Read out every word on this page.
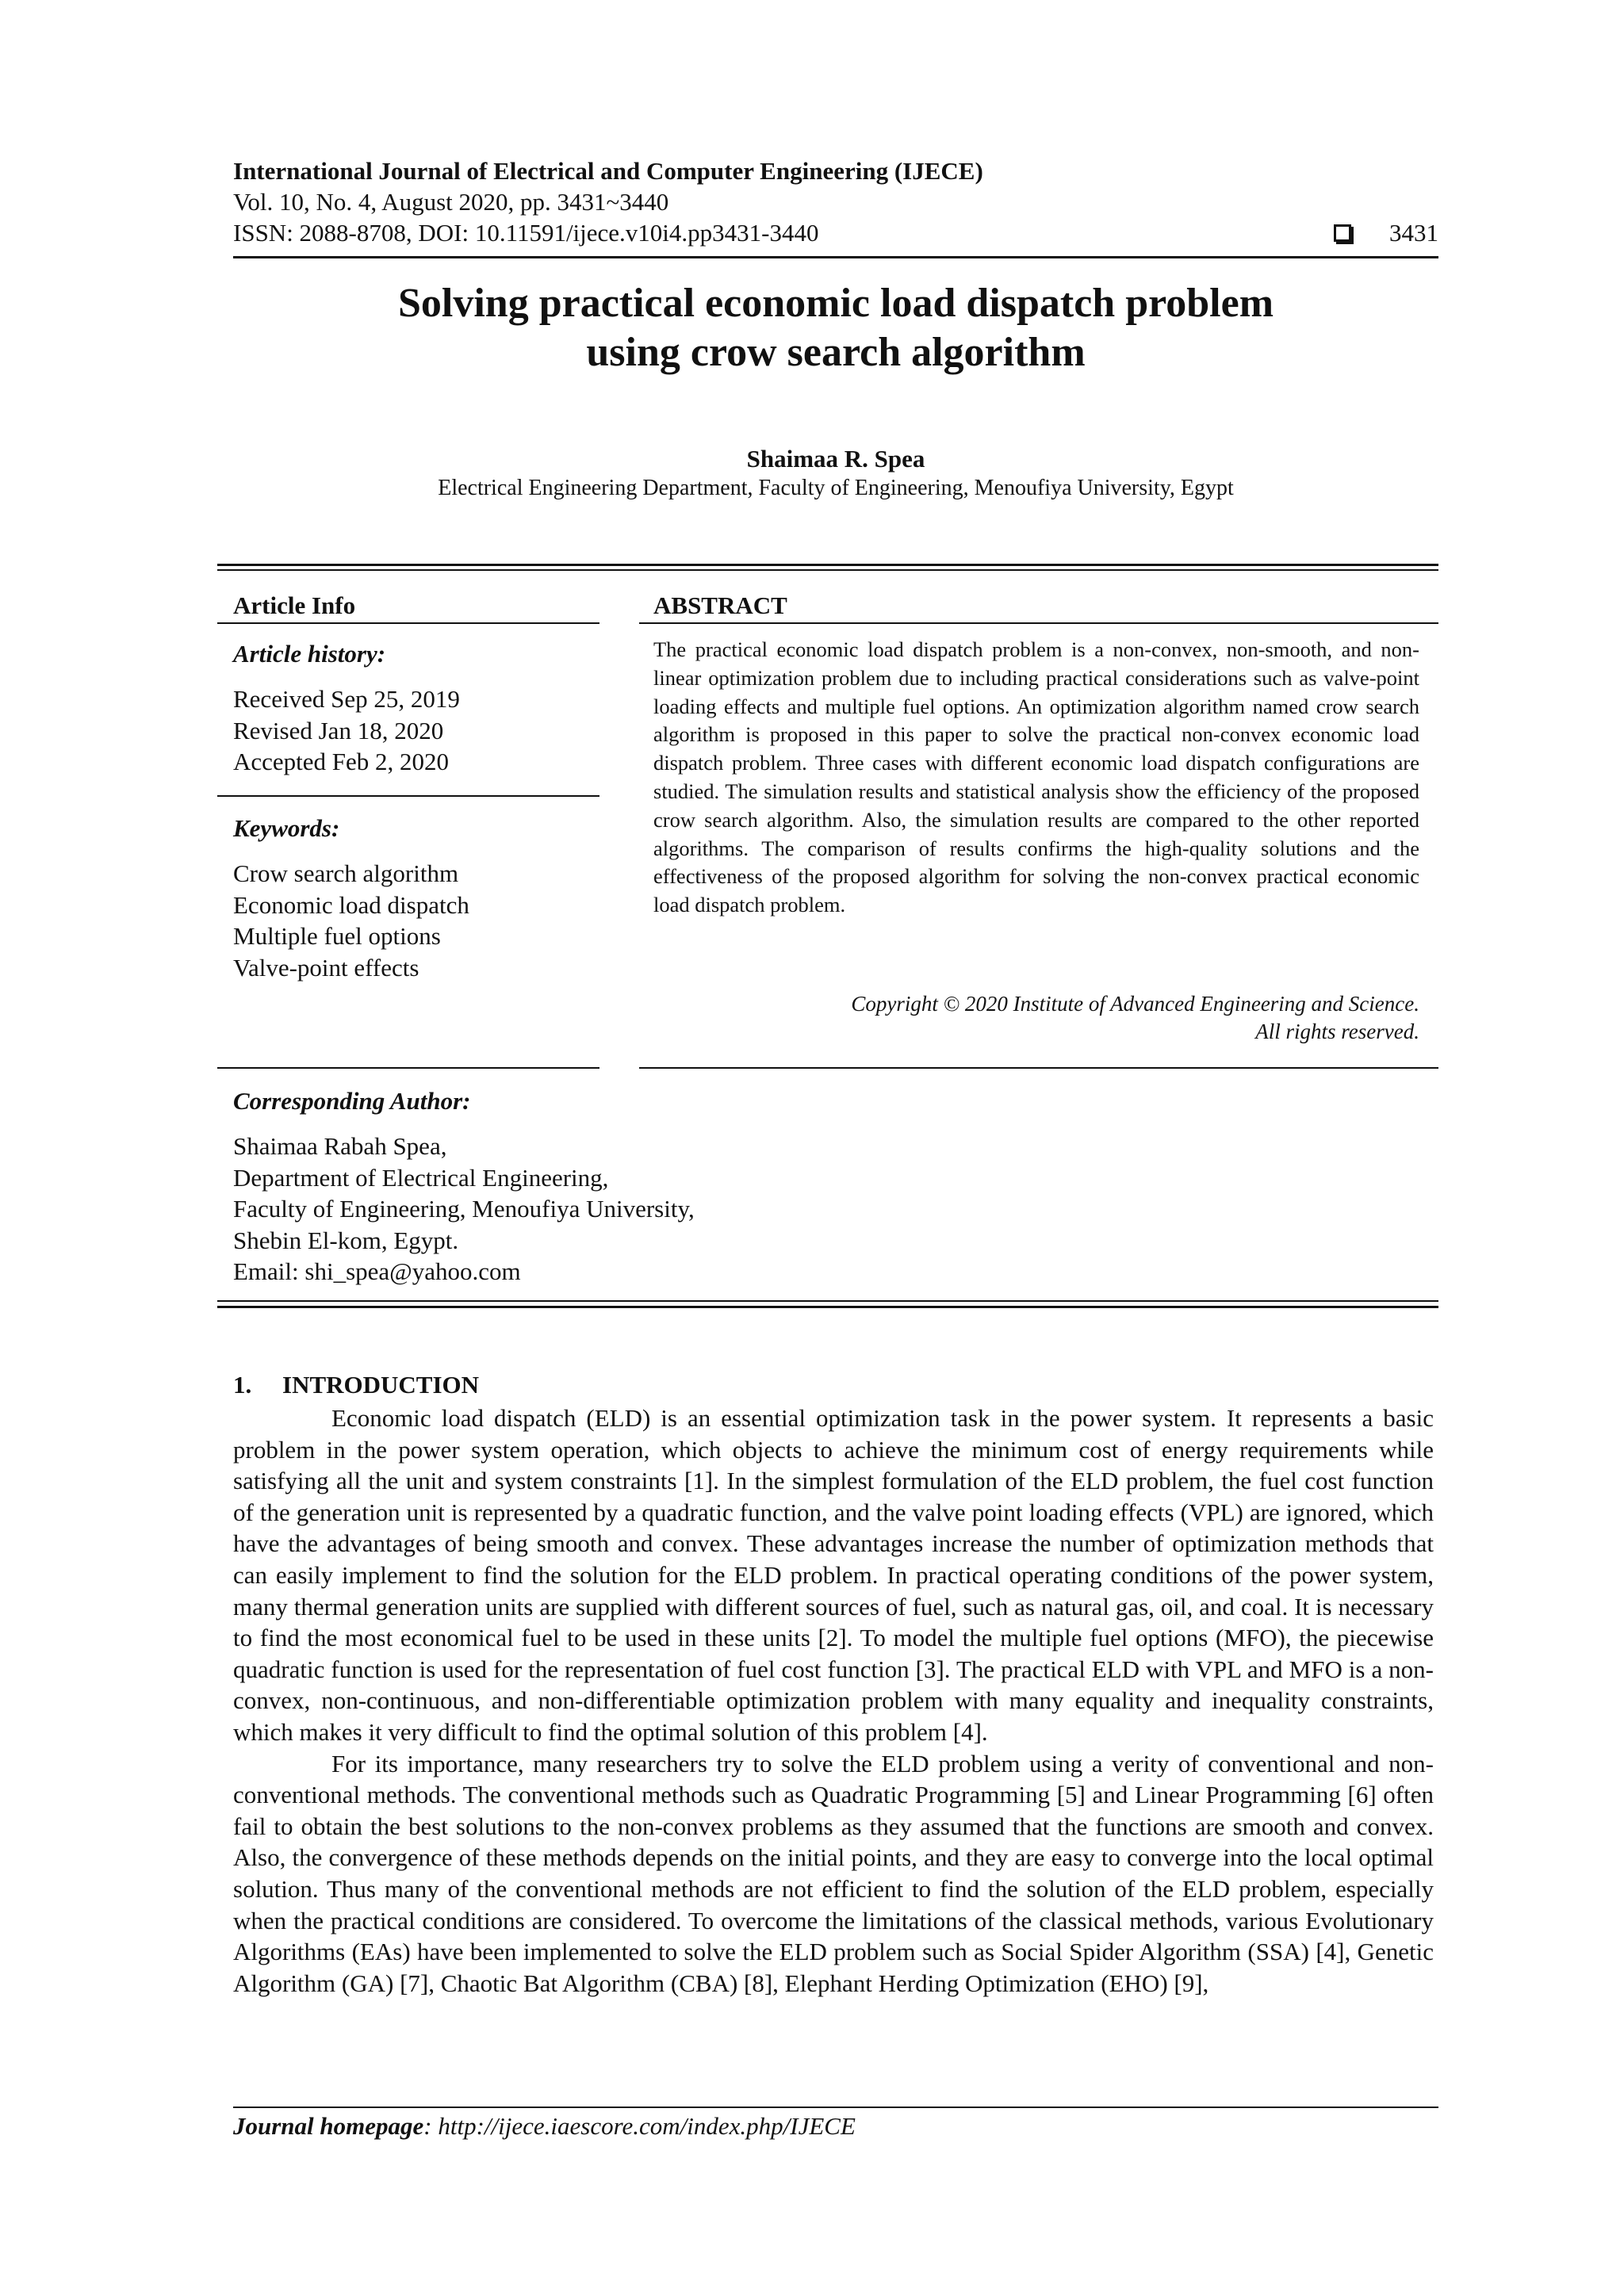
International Journal of Electrical and Computer Engineering (IJECE)
Vol. 10, No. 4, August 2020, pp. 3431~3440
ISSN: 2088-8708, DOI: 10.11591/ijece.v10i4.pp3431-3440	3431
Solving practical economic load dispatch problem
using crow search algorithm
Shaimaa R. Spea
Electrical Engineering Department, Faculty of Engineering, Menoufiya University, Egypt
Article Info
Article history:
Received Sep 25, 2019
Revised Jan 18, 2020
Accepted Feb 2, 2020
Keywords:
Crow search algorithm
Economic load dispatch
Multiple fuel options
Valve-point effects
ABSTRACT
The practical economic load dispatch problem is a non-convex, non-smooth, and non-linear optimization problem due to including practical considerations such as valve-point loading effects and multiple fuel options. An optimization algorithm named crow search algorithm is proposed in this paper to solve the practical non-convex economic load dispatch problem. Three cases with different economic load dispatch configurations are studied. The simulation results and statistical analysis show the efficiency of the proposed crow search algorithm. Also, the simulation results are compared to the other reported algorithms. The comparison of results confirms the high-quality solutions and the effectiveness of the proposed algorithm for solving the non-convex practical economic load dispatch problem.
Copyright © 2020 Institute of Advanced Engineering and Science.
All rights reserved.
Corresponding Author:
Shaimaa Rabah Spea,
Department of Electrical Engineering,
Faculty of Engineering, Menoufiya University,
Shebin El-kom, Egypt.
Email: shi_spea@yahoo.com
1.     INTRODUCTION

Economic load dispatch (ELD) is an essential optimization task in the power system. It represents a basic problem in the power system operation, which objects to achieve the minimum cost of energy requirements while satisfying all the unit and system constraints [1]. In the simplest formulation of the ELD problem, the fuel cost function of the generation unit is represented by a quadratic function, and the valve point loading effects (VPL) are ignored, which have the advantages of being smooth and convex. These advantages increase the number of optimization methods that can easily implement to find the solution for the ELD problem. In practical operating conditions of the power system, many thermal generation units are supplied with different sources of fuel, such as natural gas, oil, and coal. It is necessary to find the most economical fuel to be used in these units [2]. To model the multiple fuel options (MFO), the piecewise quadratic function is used for the representation of fuel cost function [3]. The practical ELD with VPL and MFO is a non-convex, non-continuous, and non-differentiable optimization problem with many equality and inequality constraints, which makes it very difficult to find the optimal solution of this problem [4].

For its importance, many researchers try to solve the ELD problem using a verity of conventional and non-conventional methods. The conventional methods such as Quadratic Programming [5] and Linear Programming [6] often fail to obtain the best solutions to the non-convex problems as they assumed that the functions are smooth and convex. Also, the convergence of these methods depends on the initial points, and they are easy to converge into the local optimal solution. Thus many of the conventional methods are not efficient to find the solution of the ELD problem, especially when the practical conditions are considered. To overcome the limitations of the classical methods, various Evolutionary Algorithms (EAs) have been implemented to solve the ELD problem such as Social Spider Algorithm (SSA) [4], Genetic Algorithm (GA) [7], Chaotic Bat Algorithm (CBA) [8], Elephant Herding Optimization (EHO) [9],

Journal homepage: http://ijece.iaescore.com/index.php/IJECE
